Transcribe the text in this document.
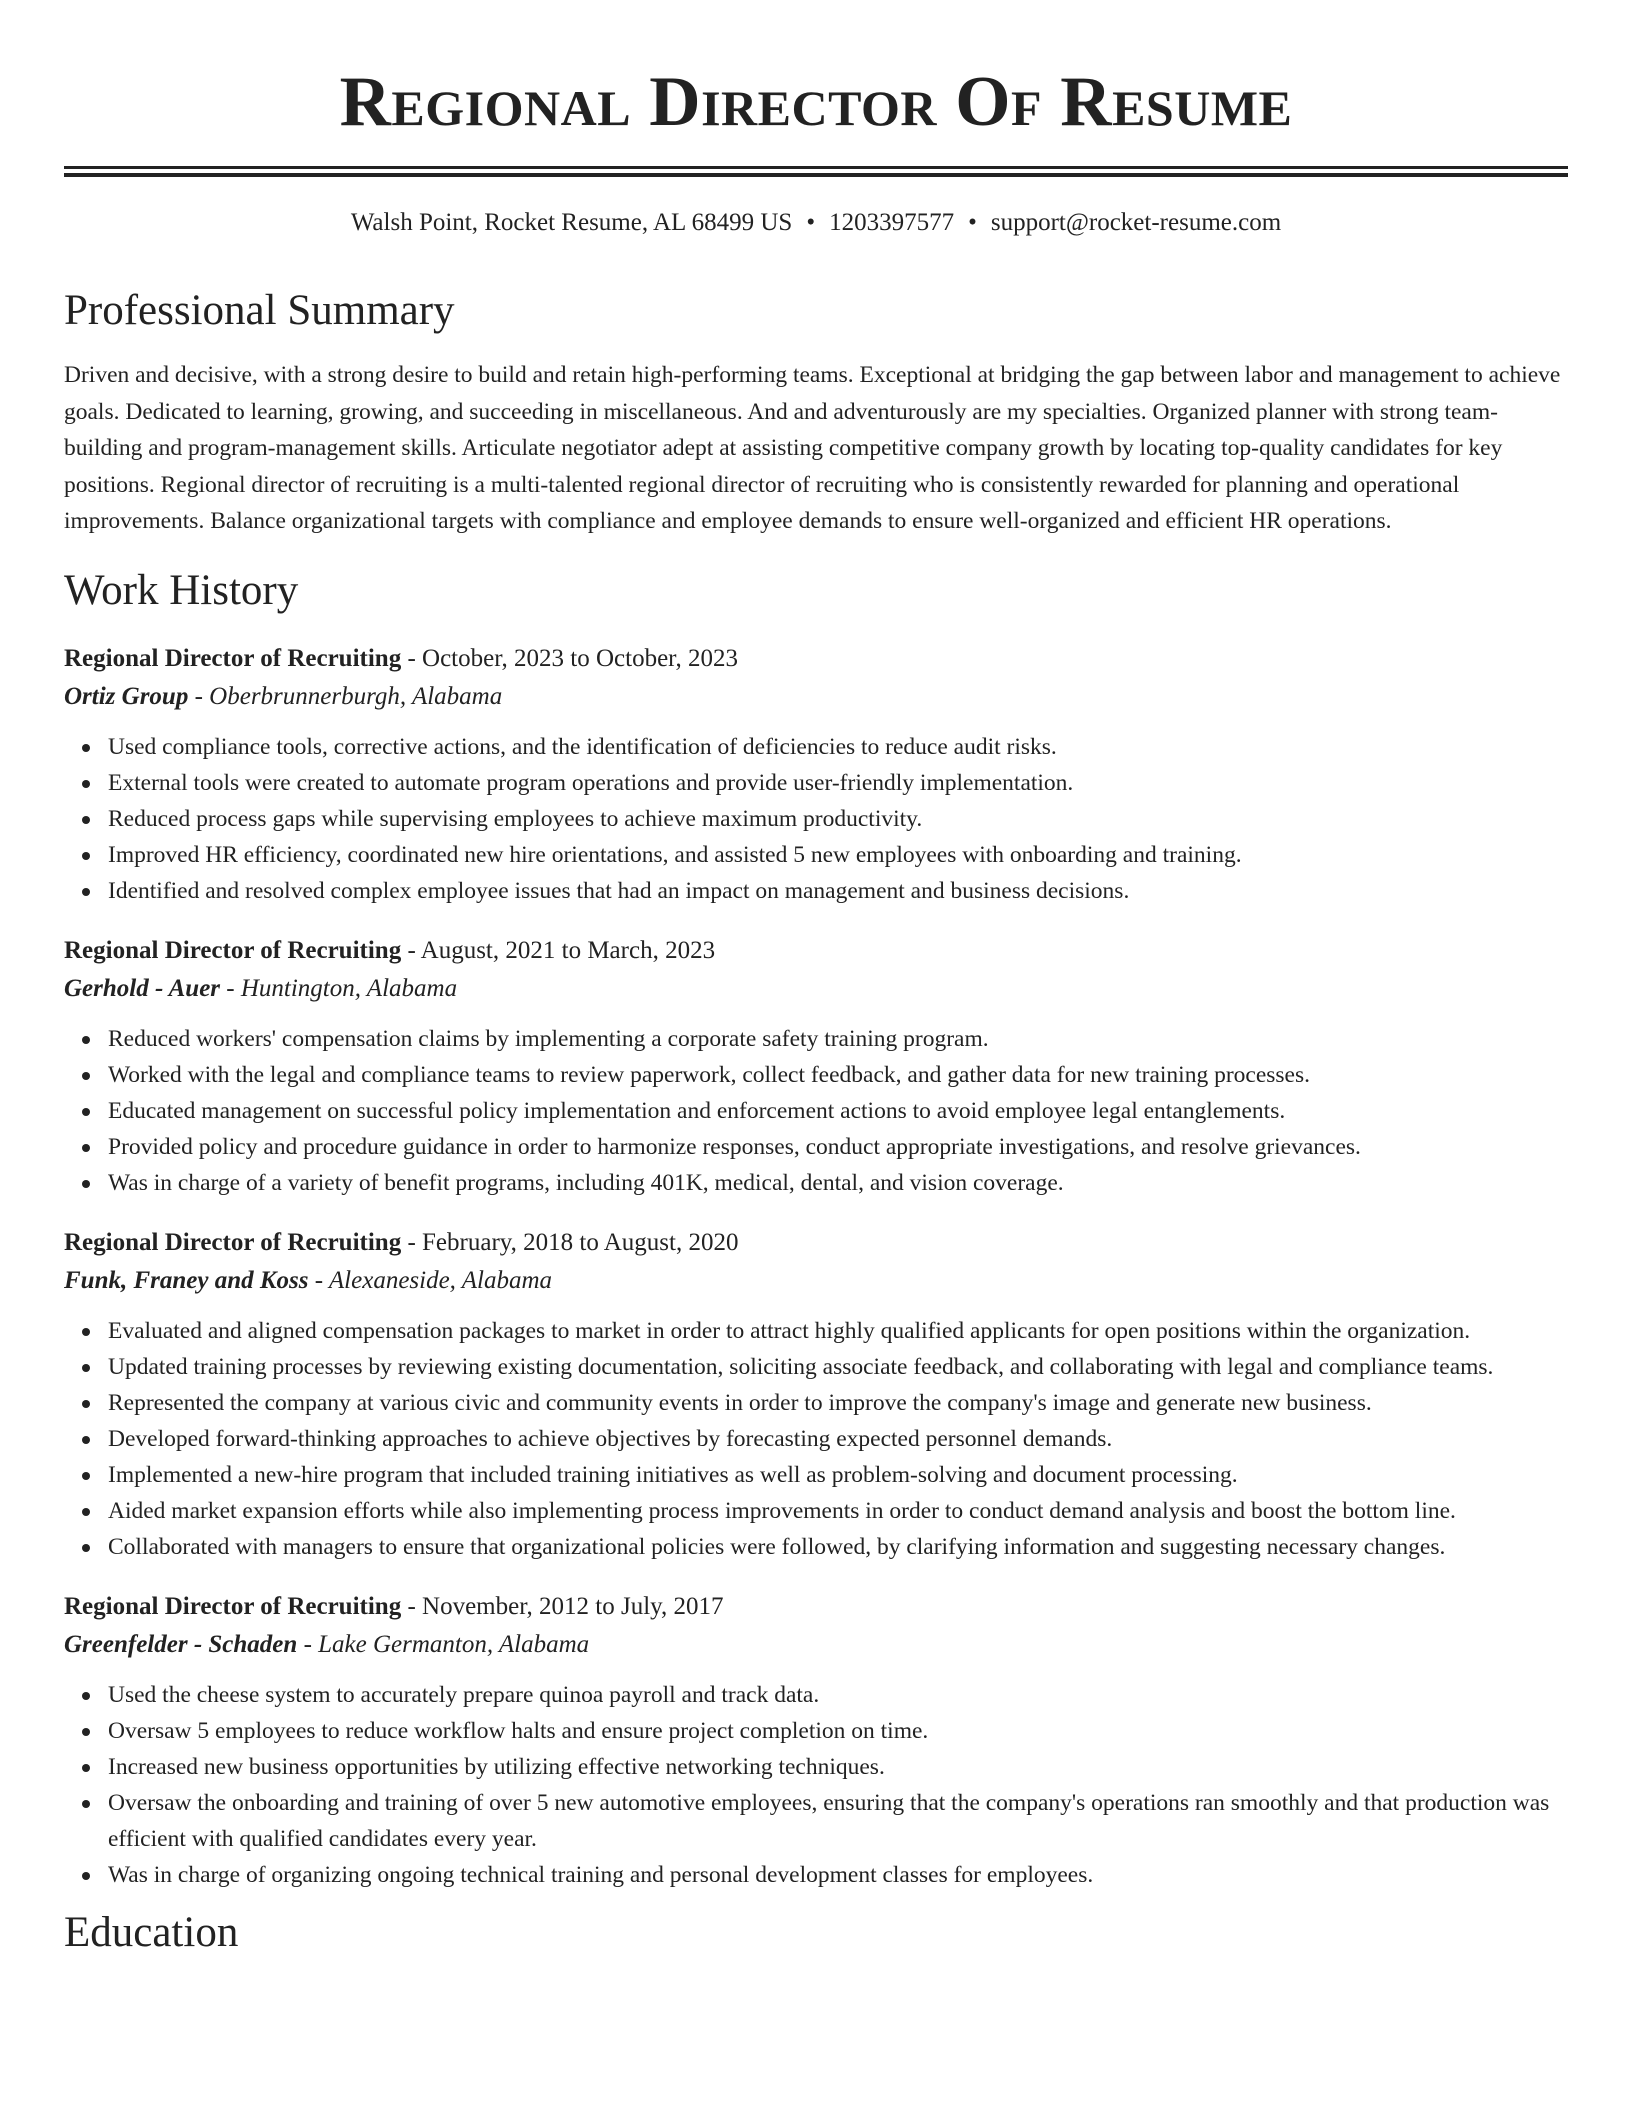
Regional Director Of Resume
Walsh Point, Rocket Resume, AL 68499 US • 1203397577 • support@rocket-resume.com
Professional Summary

Driven and decisive, with a strong desire to build and retain high-performing teams. Exceptional at bridging the gap between labor and management to achieve goals. Dedicated to learning, growing, and succeeding in miscellaneous. And and adventurously are my specialties. Organized planner with strong team-building and program-management skills. Articulate negotiator adept at assisting competitive company growth by locating top-quality candidates for key positions. Regional director of recruiting is a multi-talented regional director of recruiting who is consistently rewarded for planning and operational improvements. Balance organizational targets with compliance and employee demands to ensure well-organized and efficient HR operations.

Work History
Regional Director of Recruiting - October, 2023 to October, 2023
Ortiz Group - Oberbrunnerburgh, Alabama
Used compliance tools, corrective actions, and the identification of deficiencies to reduce audit risks.
External tools were created to automate program operations and provide user-friendly implementation.
Reduced process gaps while supervising employees to achieve maximum productivity.
Improved HR efficiency, coordinated new hire orientations, and assisted 5 new employees with onboarding and training.
Identified and resolved complex employee issues that had an impact on management and business decisions.
Regional Director of Recruiting - August, 2021 to March, 2023
Gerhold - Auer - Huntington, Alabama
Reduced workers' compensation claims by implementing a corporate safety training program.
Worked with the legal and compliance teams to review paperwork, collect feedback, and gather data for new training processes.
Educated management on successful policy implementation and enforcement actions to avoid employee legal entanglements.
Provided policy and procedure guidance in order to harmonize responses, conduct appropriate investigations, and resolve grievances.
Was in charge of a variety of benefit programs, including 401K, medical, dental, and vision coverage.
Regional Director of Recruiting - February, 2018 to August, 2020
Funk, Franey and Koss - Alexaneside, Alabama
Evaluated and aligned compensation packages to market in order to attract highly qualified applicants for open positions within the organization.
Updated training processes by reviewing existing documentation, soliciting associate feedback, and collaborating with legal and compliance teams.
Represented the company at various civic and community events in order to improve the company's image and generate new business.
Developed forward-thinking approaches to achieve objectives by forecasting expected personnel demands.
Implemented a new-hire program that included training initiatives as well as problem-solving and document processing.
Aided market expansion efforts while also implementing process improvements in order to conduct demand analysis and boost the bottom line.
Collaborated with managers to ensure that organizational policies were followed, by clarifying information and suggesting necessary changes.
Regional Director of Recruiting - November, 2012 to July, 2017
Greenfelder - Schaden - Lake Germanton, Alabama
Used the cheese system to accurately prepare quinoa payroll and track data.
Oversaw 5 employees to reduce workflow halts and ensure project completion on time.
Increased new business opportunities by utilizing effective networking techniques.
Oversaw the onboarding and training of over 5 new automotive employees, ensuring that the company's operations ran smoothly and that production was efficient with qualified candidates every year.
Was in charge of organizing ongoing technical training and personal development classes for employees.
Education
